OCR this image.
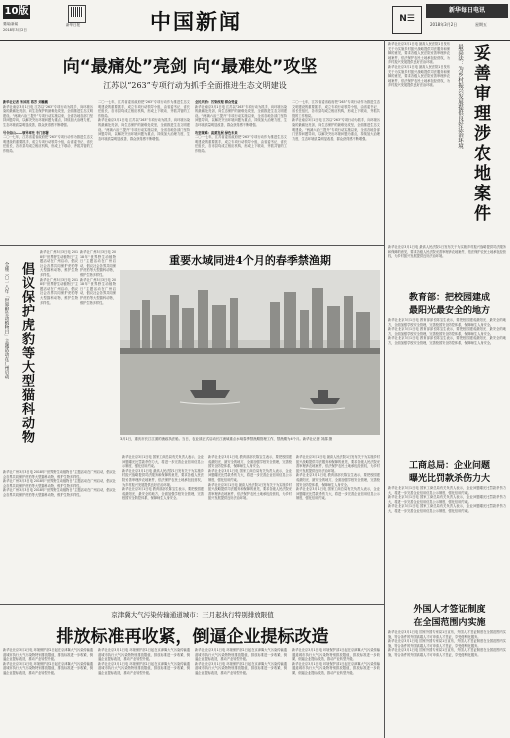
10版
要闻/新闻
2018年3月2日
新华日报	中国新闻	N☰
新华每日电讯
2018年3月2日	星期五
向“最痛处”亮剑 向“最难处”攻坚
江苏以“263”专项行动为抓手全面推进生态文明建设
新华社记者 朱国亮 蒋芳 刘巍巍
新华社南京3月1日电 江苏以“263”专项行动为抓手，向环境污染的最痛处亮剑，向生态保护的最难处攻坚，全面推进生态文明建设。“两减六治三提升”专项行动实施以来，全省各地各部门坚持问题导向，以解决突出环境问题为重点，持续加大治理力度，生态环境质量明显改善，群众获得感不断增强。
号令如山——领导率先 专门部署
二〇一七年，江苏省委省政府把“263”专项行动作为推进生态文明建设的重要抓手，成立专项行动领导小组，由省委书记、省长任组长，各市县均成立相应机构，形成上下联动、齐抓共管的工作格局。
二〇一七年，江苏省委省政府把“263”专项行动作为推进生态文明建设的重要抓手，成立专项行动领导小组，由省委书记、省长任组长，各市县均成立相应机构，形成上下联动、齐抓共管的工作格局。
新华社南京3月1日电 江苏以“263”专项行动为抓手，向环境污染的最痛处亮剑，向生态保护的最难处攻坚，全面推进生态文明建设。“两减六治三提升”专项行动实施以来，全省各地各部门坚持问题导向，以解决突出环境问题为重点，持续加大治理力度，生态环境质量明显改善，群众获得感不断增强。
全民共治：污染改理 群众受益
新华社南京3月1日电 江苏以“263”专项行动为抓手，向环境污染的最痛处亮剑，向生态保护的最难处攻坚，全面推进生态文明建设。“两减六治三提升”专项行动实施以来，全省各地各部门坚持问题导向，以解决突出环境问题为重点，持续加大治理力度，生态环境质量明显改善，群众获得感不断增强。
攻坚谋难：高质发展 绿色未来
二〇一七年，江苏省委省政府把“263”专项行动作为推进生态文明建设的重要抓手，成立专项行动领导小组，由省委书记、省长任组长，各市县均成立相应机构，形成上下联动、齐抓共管的工作格局。
二〇一七年，江苏省委省政府把“263”专项行动作为推进生态文明建设的重要抓手，成立专项行动领导小组，由省委书记、省长任组长，各市县均成立相应机构，形成上下联动、齐抓共管的工作格局。
新华社南京3月1日电 江苏以“263”专项行动为抓手，向环境污染的最痛处亮剑，向生态保护的最难处攻坚，全面推进生态文明建设。“两减六治三提升”专项行动实施以来，全省各地各部门坚持问题导向，以解决突出环境问题为重点，持续加大治理力度，生态环境质量明显改善，群众获得感不断增强。
新华社北京3月1日电 最高人民法院1日发布关于为实施乡村振兴战略提供司法服务和保障的意见，要求各级人民法院妥善审理涉农地案件，依法保护农民土地承包经营权，为乡村振兴发展提供良好法治环境。
新华社北京3月1日电 最高人民法院1日发布关于为实施乡村振兴战略提供司法服务和保障的意见，要求各级人民法院妥善审理涉农地案件，依法保护农民土地承包经营权，为乡村振兴发展提供良好法治环境。	妥善审理涉农地案件
最高法：为乡村振兴发展提供良好法治环境
新华社北京3月1日电 最高人民法院1日发布关于为实施乡村振兴战略提供司法服务和保障的意见，要求各级人民法院妥善审理涉农地案件，依法保护农民土地承包经营权，为乡村振兴发展提供良好法治环境。
教育部：把校园建成
最阳光最安全的地方
新华社北京3月1日电 教育部部长陈宝生表示，要把校园建成最阳光、最安全的地方，全面加强学校安全管理，完善校园安全防控体系，保障师生人身安全。
新华社北京3月1日电 教育部部长陈宝生表示，要把校园建成最阳光、最安全的地方，全面加强学校安全管理，完善校园安全防控体系，保障师生人身安全。
新华社北京3月1日电 教育部部长陈宝生表示，要把校园建成最阳光、最安全的地方，全面加强学校安全管理，完善校园安全防控体系，保障师生人身安全。
工商总局：企业问题
曝光比罚款杀伤力大
新华社北京3月1日电 国家工商总局有关负责人表示，企业问题曝光比罚款杀伤力大，将进一步完善企业信用信息公示制度，强化信用约束。
新华社北京3月1日电 国家工商总局有关负责人表示，企业问题曝光比罚款杀伤力大，将进一步完善企业信用信息公示制度，强化信用约束。
新华社北京3月1日电 国家工商总局有关负责人表示，企业问题曝光比罚款杀伤力大，将进一步完善企业信用信息公示制度，强化信用约束。
外国人才签证制度
在全国范围内实施
新华社北京3月1日电 国家外国专家局1日宣布，外国人才签证制度在全国范围内实施，符合条件的外国高端人才可申请人才签证，享受便利化服务。
新华社北京3月1日电 国家外国专家局1日宣布，外国人才签证制度在全国范围内实施，符合条件的外国高端人才可申请人才签证，享受便利化服务。
新华社北京3月1日电 国家外国专家局1日宣布，外国人才签证制度在全国范围内实施，符合条件的外国高端人才可申请人才签证，享受便利化服务。
倡议保护虎豹等大型猫科动物
全球二〇一八年「世界野生动植物日」主题活动在广州启动
新华社广州3月3日电 2018年“世界野生动植物日”主题活动在广州启动，倡议社会各界共同保护虎豹等大型猫科动物，维护生物多样性。
新华社广州3月3日电 2018年“世界野生动植物日”主题活动在广州启动，倡议社会各界共同保护虎豹等大型猫科动物，维护生物多样性。
新华社广州3月3日电 2018年“世界野生动植物日”主题活动在广州启动，倡议社会各界共同保护虎豹等大型猫科动物，维护生物多样性。
新华社广州3月3日电 2018年“世界野生动植物日”主题活动在广州启动，倡议社会各界共同保护虎豹等大型猫科动物，维护生物多样性。
新华社广州3月3日电 2018年“世界野生动植物日”主题活动在广州启动，倡议社会各界共同保护虎豹等大型猫科动物，维护生物多样性。
新华社广州3月3日电 2018年“世界野生动植物日”主题活动在广州启动，倡议社会各界共同保护虎豹等大型猫科动物，维护生物多样性。
新华社广州3月3日电 2018年“世界野生动植物日”主题活动在广州启动，倡议社会各界共同保护虎豹等大型猫科动物，维护生物多样性。
重要水域同进4个月的春季禁渔期
3月1日，重庆市长江江面的渔政执法船。当日，农业部正式启动长江流域重点水域春季禁渔期管理工作，禁渔期为4个月。新华社记者 刘潺 摄
新华社北京3月1日电 国家工商总局有关负责人表示，企业问题曝光比罚款杀伤力大，将进一步完善企业信用信息公示制度，强化信用约束。
新华社北京3月1日电 最高人民法院1日发布关于为实施乡村振兴战略提供司法服务和保障的意见，要求各级人民法院妥善审理涉农地案件，依法保护农民土地承包经营权，为乡村振兴发展提供良好法治环境。
新华社北京3月1日电 教育部部长陈宝生表示，要把校园建成最阳光、最安全的地方，全面加强学校安全管理，完善校园安全防控体系，保障师生人身安全。
新华社北京3月1日电 教育部部长陈宝生表示，要把校园建成最阳光、最安全的地方，全面加强学校安全管理，完善校园安全防控体系，保障师生人身安全。
新华社北京3月1日电 国家工商总局有关负责人表示，企业问题曝光比罚款杀伤力大，将进一步完善企业信用信息公示制度，强化信用约束。
新华社北京3月1日电 最高人民法院1日发布关于为实施乡村振兴战略提供司法服务和保障的意见，要求各级人民法院妥善审理涉农地案件，依法保护农民土地承包经营权，为乡村振兴发展提供良好法治环境。
新华社北京3月1日电 最高人民法院1日发布关于为实施乡村振兴战略提供司法服务和保障的意见，要求各级人民法院妥善审理涉农地案件，依法保护农民土地承包经营权，为乡村振兴发展提供良好法治环境。
新华社北京3月1日电 教育部部长陈宝生表示，要把校园建成最阳光、最安全的地方，全面加强学校安全管理，完善校园安全防控体系，保障师生人身安全。
新华社北京3月1日电 国家工商总局有关负责人表示，企业问题曝光比罚款杀伤力大，将进一步完善企业信用信息公示制度，强化信用约束。
京津冀大气污染传输通道城市：三月起执行特别排放限值
排放标准再收紧，倒逼企业提标改造
新华社北京3月1日电 环境保护部1日起在京津冀大气污染传输通道城市执行大气污染物特别排放限值，排放标准进一步收紧，倒逼企业提标改造，推动产业转型升级。
新华社北京3月1日电 环境保护部1日起在京津冀大气污染传输通道城市执行大气污染物特别排放限值，排放标准进一步收紧，倒逼企业提标改造，推动产业转型升级。
新华社北京3月1日电 环境保护部1日起在京津冀大气污染传输通道城市执行大气污染物特别排放限值，排放标准进一步收紧，倒逼企业提标改造，推动产业转型升级。
新华社北京3月1日电 环境保护部1日起在京津冀大气污染传输通道城市执行大气污染物特别排放限值，排放标准进一步收紧，倒逼企业提标改造，推动产业转型升级。
新华社北京3月1日电 环境保护部1日起在京津冀大气污染传输通道城市执行大气污染物特别排放限值，排放标准进一步收紧，倒逼企业提标改造，推动产业转型升级。
新华社北京3月1日电 环境保护部1日起在京津冀大气污染传输通道城市执行大气污染物特别排放限值，排放标准进一步收紧，倒逼企业提标改造，推动产业转型升级。
新华社北京3月1日电 环境保护部1日起在京津冀大气污染传输通道城市执行大气污染物特别排放限值，排放标准进一步收紧，倒逼企业提标改造，推动产业转型升级。
新华社北京3月1日电 环境保护部1日起在京津冀大气污染传输通道城市执行大气污染物特别排放限值，排放标准进一步收紧，倒逼企业提标改造，推动产业转型升级。
